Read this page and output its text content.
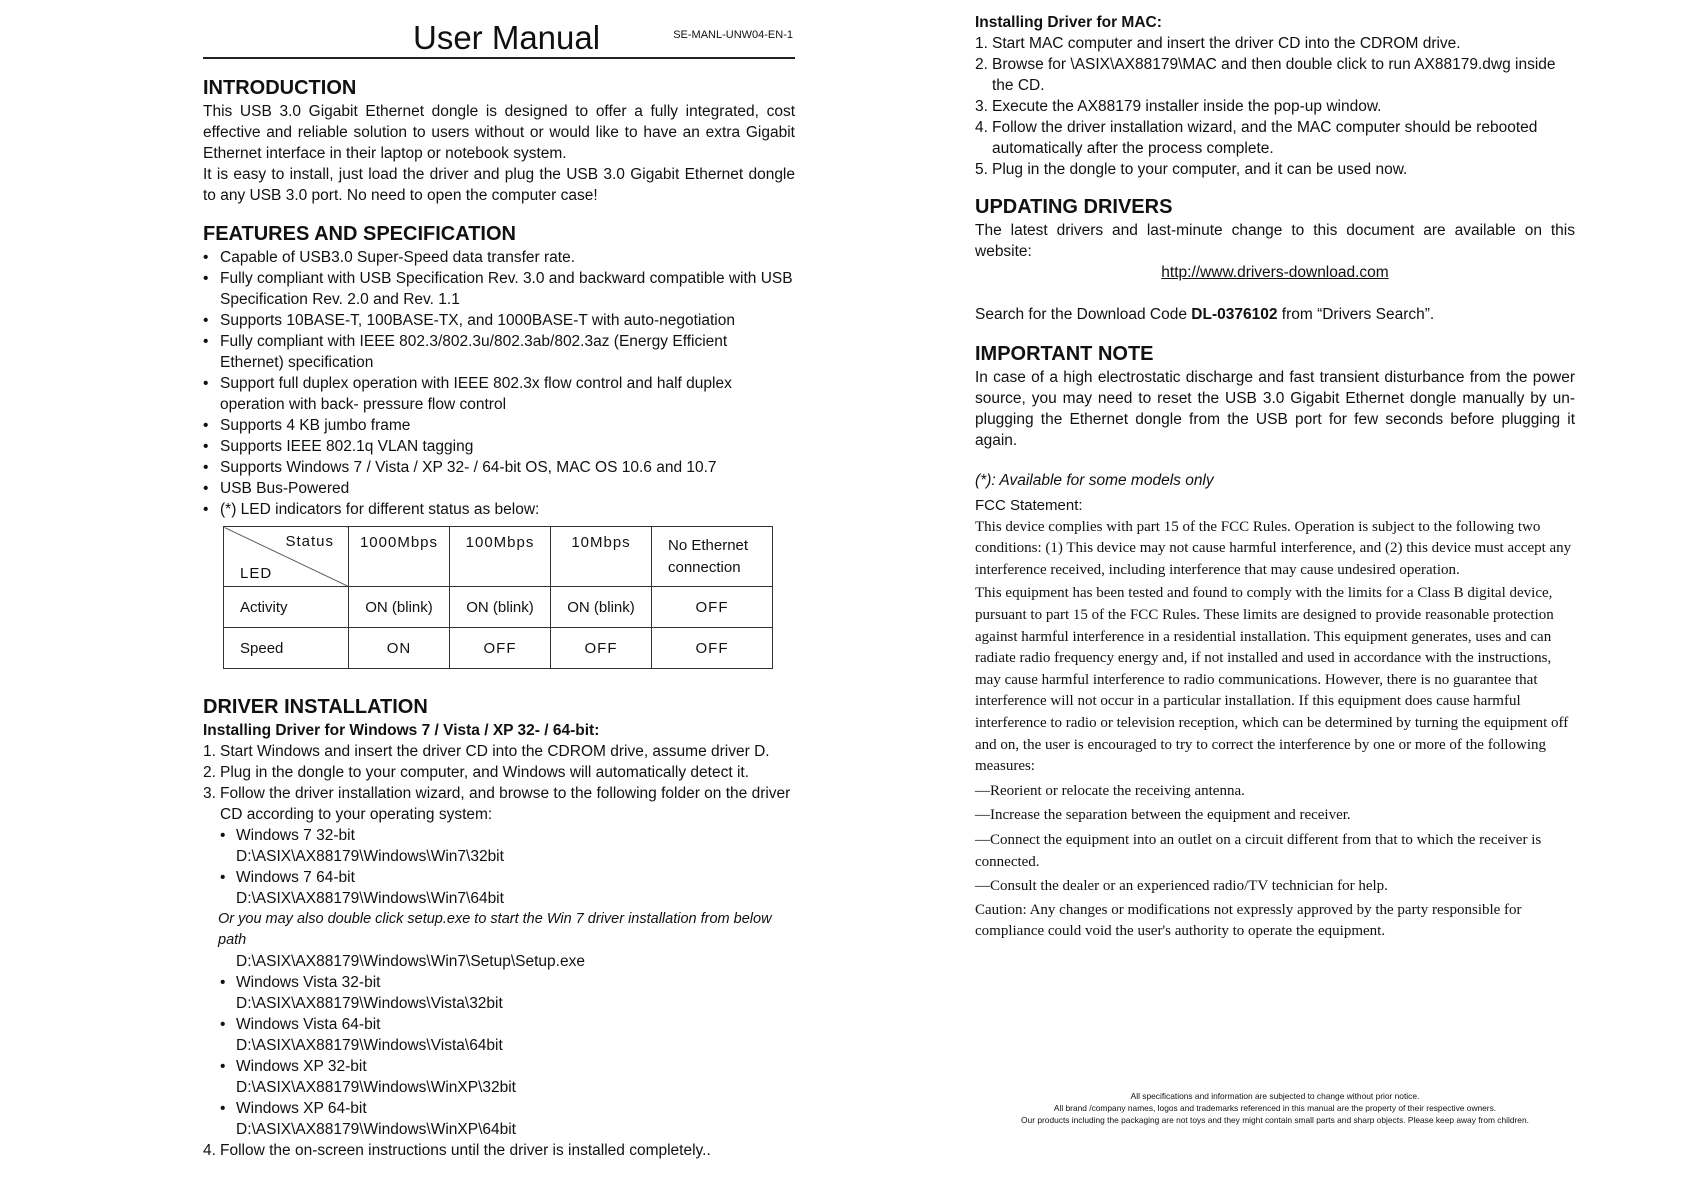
User Manual	SE-MANL-UNW04-EN-1
INTRODUCTION

This USB 3.0 Gigabit Ethernet dongle is designed to offer a fully integrated, cost effective and reliable solution to users without or would like to have an extra Gigabit Ethernet interface in their laptop or notebook system.

It is easy to install, just load the driver and plug the USB 3.0 Gigabit Ethernet dongle to any USB 3.0 port. No need to open the computer case!

FEATURES AND SPECIFICATION
• Capable of USB3.0 Super-Speed data transfer rate.
• Fully compliant with USB Specification Rev. 3.0 and backward compatible with USB Specification Rev. 2.0 and Rev. 1.1
• Supports 10BASE-T, 100BASE-TX, and 1000BASE-T with auto-negotiation
• Fully compliant with IEEE 802.3/802.3u/802.3ab/802.3az (Energy Efficient Ethernet) specification
• Support full duplex operation with IEEE 802.3x flow control and half duplex operation with back- pressure flow control
• Supports 4 KB jumbo frame
• Supports IEEE 802.1q VLAN tagging
• Supports Windows 7 / Vista / XP 32- / 64-bit OS, MAC OS 10.6 and 10.7
• USB Bus-Powered
• (*) LED indicators for different status as below:
Status
LED	1000Mbps	100Mbps	10Mbps	No Ethernet connection
Activity	ON (blink)	ON (blink)	ON (blink)	OFF
Speed	ON	OFF	OFF	OFF
DRIVER INSTALLATION
Installing Driver for Windows 7 / Vista / XP 32- / 64-bit:
1. Start Windows and insert the driver CD into the CDROM drive, assume driver D.
2. Plug in the dongle to your computer, and Windows will automatically detect it.
3. Follow the driver installation wizard, and browse to the following folder on the driver CD according to your operating system:
• Windows 7 32-bit
D:\ASIX\AX88179\Windows\Win7\32bit
• Windows 7 64-bit
D:\ASIX\AX88179\Windows\Win7\64bit

Or you may also double click setup.exe to start the Win 7 driver installation from below path

D:\ASIX\AX88179\Windows\Win7\Setup\Setup.exe
• Windows Vista 32-bit
D:\ASIX\AX88179\Windows\Vista\32bit
• Windows Vista 64-bit
D:\ASIX\AX88179\Windows\Vista\64bit
• Windows XP 32-bit
D:\ASIX\AX88179\Windows\WinXP\32bit
• Windows XP 64-bit
D:\ASIX\AX88179\Windows\WinXP\64bit
4. Follow the on-screen instructions until the driver is installed completely..
Installing Driver for MAC:
1. Start MAC computer and insert the driver CD into the CDROM drive.
2. Browse for \ASIX\AX88179\MAC and then double click to run AX88179.dwg inside the CD.
3. Execute the AX88179 installer inside the pop-up window.
4. Follow the driver installation wizard, and the MAC computer should be rebooted automatically after the process complete.
5. Plug in the dongle to your computer, and it can be used now.
UPDATING DRIVERS

The latest drivers and last-minute change to this document are available on this website:

http://www.drivers-download.com

Search for the Download Code DL-0376102 from “Drivers Search”.

IMPORTANT NOTE

In case of a high electrostatic discharge and fast transient disturbance from the power source, you may need to reset the USB 3.0 Gigabit Ethernet dongle manually by un-plugging the Ethernet dongle from the USB port for few seconds before plugging it again.

(*): Available for some models only

FCC Statement:

This device complies with part 15 of the FCC Rules. Operation is subject to the following two conditions: (1) This device may not cause harmful interference, and (2) this device must accept any interference received, including interference that may cause undesired operation.

This equipment has been tested and found to comply with the limits for a Class B digital device, pursuant to part 15 of the FCC Rules. These limits are designed to provide reasonable protection against harmful interference in a residential installation. This equipment generates, uses and can radiate radio frequency energy and, if not installed and used in accordance with the instructions, may cause harmful interference to radio communications. However, there is no guarantee that interference will not occur in a particular installation. If this equipment does cause harmful interference to radio or television reception, which can be determined by turning the equipment off and on, the user is encouraged to try to correct the interference by one or more of the following measures:

—Reorient or relocate the receiving antenna.

—Increase the separation between the equipment and receiver.

—Connect the equipment into an outlet on a circuit different from that to which the receiver is connected.

—Consult the dealer or an experienced radio/TV technician for help.

Caution: Any changes or modifications not expressly approved by the party responsible for compliance could void the user's authority to operate the equipment.

All specifications and information are subjected to change without prior notice.
All brand /company names, logos and trademarks referenced in this manual are the property of their respective owners.
Our products including the packaging are not toys and they might contain small parts and sharp objects. Please keep away from children.
